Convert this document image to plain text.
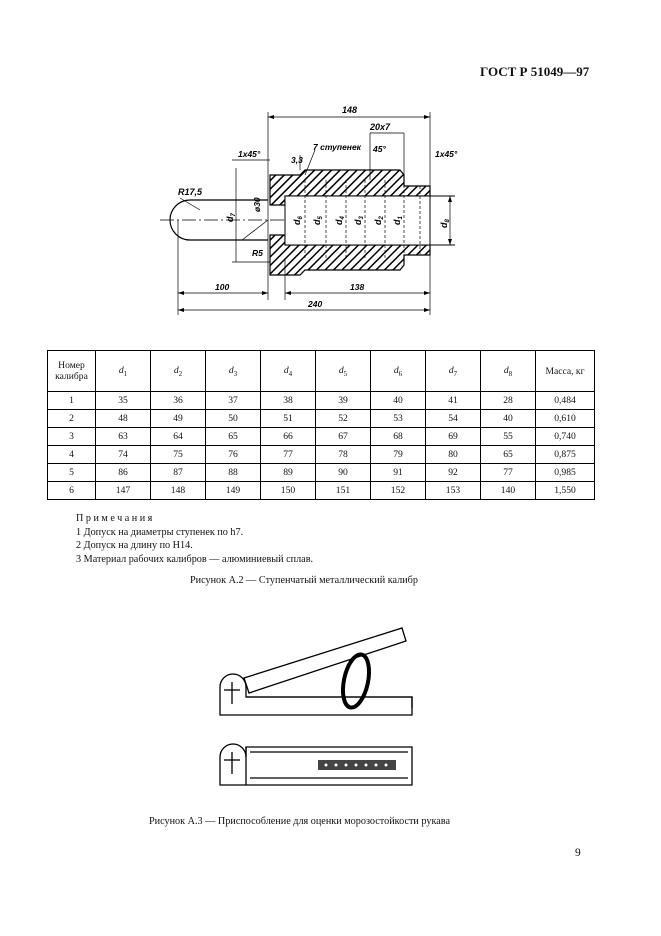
ГОСТ Р 51049—97
148
20х7
1х45°	1х45°
7 ступенек 45°
3,3
R17,5
R5
100	138
240
ø30
$d_7$
$d_6$
$d_5$
$d_4$
$d_3$
$d_2$
$d_1$
$d_8$
Номер
калибра	$d_1$	$d_2$	$d_3$	$d_4$	$d_5$	$d_6$	$d_7$	$d_8$	Масса, кг
1	35	36	37	38	39	40	41	28	0,484
2	48	49	50	51	52	53	54	40	0,610
3	63	64	65	66	67	68	69	55	0,740
4	74	75	76	77	78	79	80	65	0,875
5	86	87	88	89	90	91	92	77	0,985
6	147	148	149	150	151	152	153	140	1,550
Примечания
1 Допуск на диаметры ступенек по h7.
2 Допуск на длину по H14.
3 Материал рабочих калибров — алюминиевый сплав.
Рисунок А.2 — Ступенчатый металлический калибр
Рисунок А.3 — Приспособление для оценки морозостойкости рукава
9
